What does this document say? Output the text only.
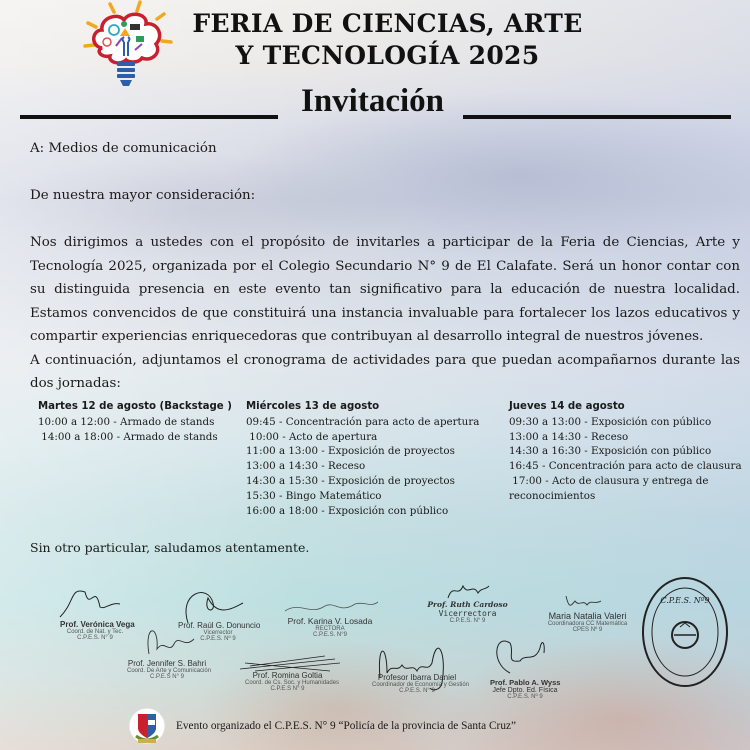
FERIA DE CIENCIAS, ARTE
Y TECNOLOGÍA 2025
Invitación
A: Medios de comunicación
De nuestra mayor consideración:

Nos dirigimos a ustedes con el propósito de invitarles a participar de la Feria de Ciencias, Arte y Tecnología 2025, organizada por el Colegio Secundario N° 9 de El Calafate. Será un honor contar con su distinguida presencia en este evento tan significativo para la educación de nuestra localidad. Estamos convencidos de que constituirá una instancia invaluable para fortalecer los lazos educativos y compartir experiencias enriquecedoras que contribuyan al desarrollo integral de nuestros jóvenes.

A continuación, adjuntamos el cronograma de actividades para que puedan acompañarnos durante las dos jornadas:

Martes 12 de agosto (Backstage )
10:00 a 12:00 - Armado de stands
14:00 a 18:00 - Armado de stands
Miércoles 13 de agosto
09:45 - Concentración para acto de apertura
10:00 - Acto de apertura
11:00 a 13:00 - Exposición de proyectos
13:00 a 14:30 - Receso
14:30 a 15:30 - Exposición de proyectos
15:30 - Bingo Matemático
16:00 a 18:00 - Exposición con público
Jueves 14 de agosto
09:30 a 13:00 - Exposición con público
13:00 a 14:30 - Receso
14:30 a 16:30 - Exposición con público
16:45 - Concentración para acto de clausura
17:00 - Acto de clausura y entrega de
reconocimientos
Sin otro particular, saludamos atentamente.
Prof. Verónica Vega
Coord. de Nat. y Tec.
C.P.E.S. N° 9
Prof. Raúl G. Donuncio
Vicerrector
C.P.E.S. Nº 9
Prof. Karina V. Losada
RECTORA
C.P.E.S. N°9
Prof. Ruth Cardoso
Vicerrectora
C.P.E.S. N° 9	Maria Natalia Valeri
Coordinadora CC Matemática
CPES Nº 9
Prof. Jennifer S. Bahri
Coord. De Arte y Comunicación
C.P.E.S N° 9	Prof. Romina Goltia
Coord. de Cs. Soc. y Humanidades
C.P.E.S N° 9
Profesor Ibarra Daniel
Coordinador de Economía y Gestión
C.P.E.S. N° 9
Prof. Pablo A. Wyss
Jefe Dpto. Ed. Física
C.P.E.S. Nº 9
C.P.E.S. Nº9
Evento organizado el C.P.E.S. N° 9 “Policía de la provincia de Santa Cruz”
